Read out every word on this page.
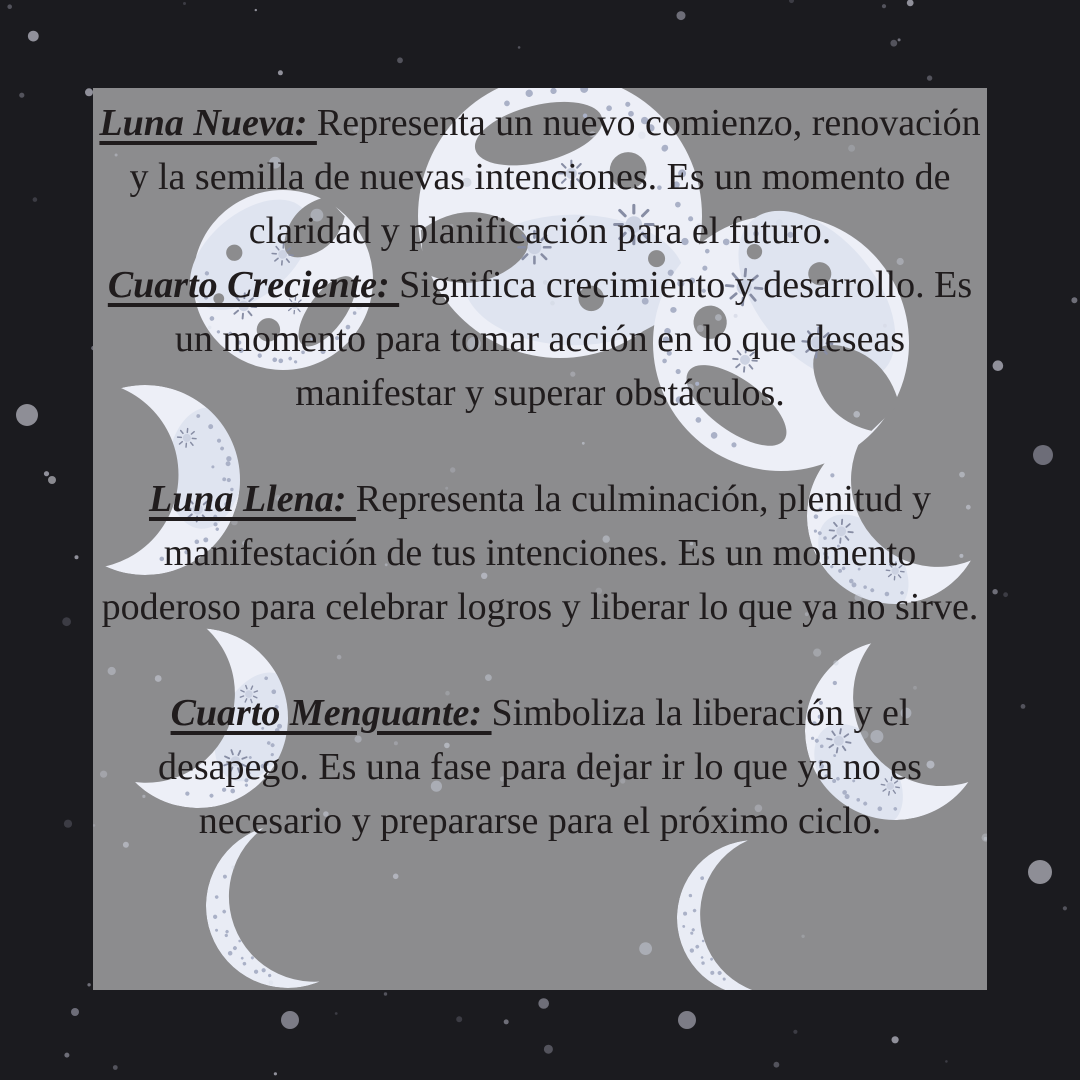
Luna Nueva: Representa un nuevo comienzo, renovación y la semilla de nuevas intenciones. Es un momento de claridad y planificación para el futuro.

Cuarto Creciente: Significa crecimiento y desarrollo. Es un momento para tomar acción en lo que deseas manifestar y superar obstáculos.

Luna Llena: Representa la culminación, plenitud y manifestación de tus intenciones. Es un momento poderoso para celebrar logros y liberar lo que ya no sirve.

Cuarto Menguante: Simboliza la liberación y el desapego. Es una fase para dejar ir lo que ya no es necesario y prepararse para el próximo ciclo.
